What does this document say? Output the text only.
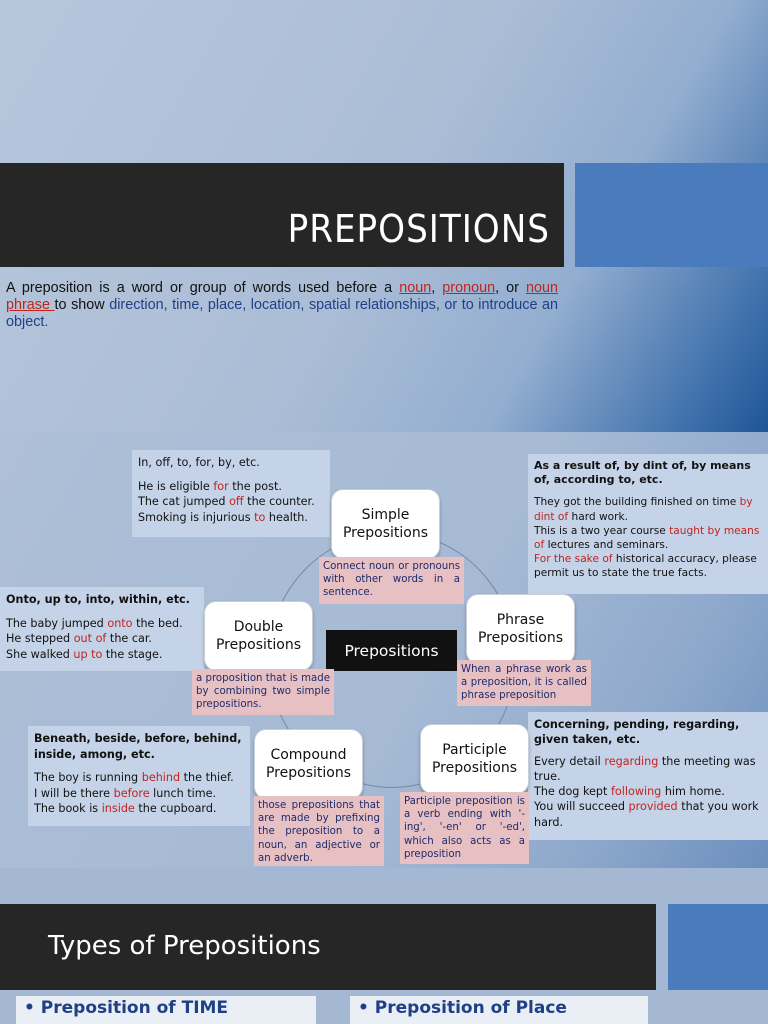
PREPOSITIONS
A preposition is a word or group of words used before a noun, pronoun, or noun phrase to show direction, time, place, location, spatial relationships, or to introduce an object.
In, off, to, for, by, etc.
He is eligible for the post.
The cat jumped off the counter.
Smoking is injurious to health.
As a result of, by dint of, by means of, according to, etc.
They got the building finished on time by dint of hard work.
This is a two year course taught by means of lectures and seminars.
For the sake of historical accuracy, please permit us to state the true facts.
Onto, up to, into, within, etc.
The baby jumped onto the bed.
He stepped out of the car.
She walked up to the stage.
Beneath, beside, before, behind, inside, among, etc.
The boy is running behind the thief.
I will be there before lunch time.
The book is inside the cupboard.
Concerning, pending, regarding, given taken, etc.
Every detail regarding the meeting was true.
The dog kept following him home.
You will succeed provided that you work hard.
Simple Prepositions
Phrase Prepositions
Double Prepositions
Compound Prepositions
Participle Prepositions
Prepositions
Connect noun or pronouns with other words in a sentence.
When a phrase work as a preposition, it is called phrase preposition
a proposition that is made by combining two simple prepositions.
those prepositions that are made by prefixing the preposition to a noun, an adjective or an adverb.
Participle preposition is a verb ending with '-ing', '-en' or '-ed', which also acts as a preposition
Types of Prepositions
• Preposition of TIME	• Preposition of Place
